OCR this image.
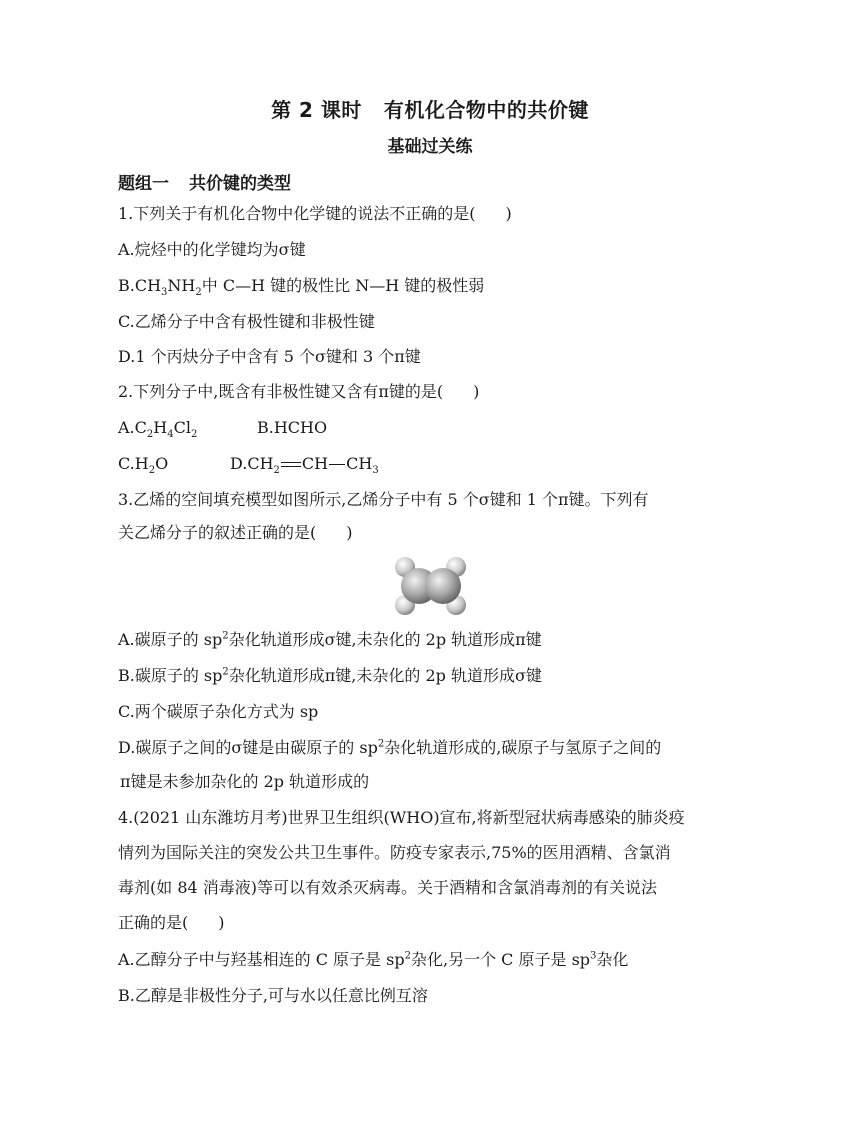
第 2 课时 有机化合物中的共价键
基础过关练
题组一 共价键的类型
1.下列关于有机化合物中化学键的说法不正确的是( )
A.烷烃中的化学键均为σ键
$B.CH_3NH_2$中 C—H 键的极性比 N—H 键的极性弱
C.乙烯分子中含有极性键和非极性键
D.1 个丙炔分子中含有 5 个σ键和 3 个π键
2.下列分子中,既含有非极性键又含有π键的是( )
$A.C_2H_4Cl_2$	B.HCHO
$C.H_2O$	$D.CH_2$ CH $CH_3$
3.乙烯的空间填充模型如图所示,乙烯分子中有 5 个σ键和 1 个π键。下列有
关乙烯分子的叙述正确的是( )
A.碳原子的 $sp^2$杂化轨道形成σ键,未杂化的 2p 轨道形成π键
B.碳原子的 $sp^2$杂化轨道形成π键,未杂化的 2p 轨道形成σ键
C.两个碳原子杂化方式为 sp
D.碳原子之间的σ键是由碳原子的 $sp^2$杂化轨道形成的,碳原子与氢原子之间的
π键是未参加杂化的 2p 轨道形成的
4.(2021 山东潍坊月考)世界卫生组织(WHO)宣布,将新型冠状病毒感染的肺炎疫
情列为国际关注的突发公共卫生事件。防疫专家表示,75%的医用酒精、含氯消
毒剂(如 84 消毒液)等可以有效杀灭病毒。关于酒精和含氯消毒剂的有关说法
正确的是( )
A.乙醇分子中与羟基相连的 C 原子是 $sp^2$杂化,另一个 C 原子是 $sp^3$杂化
B.乙醇是非极性分子,可与水以任意比例互溶
